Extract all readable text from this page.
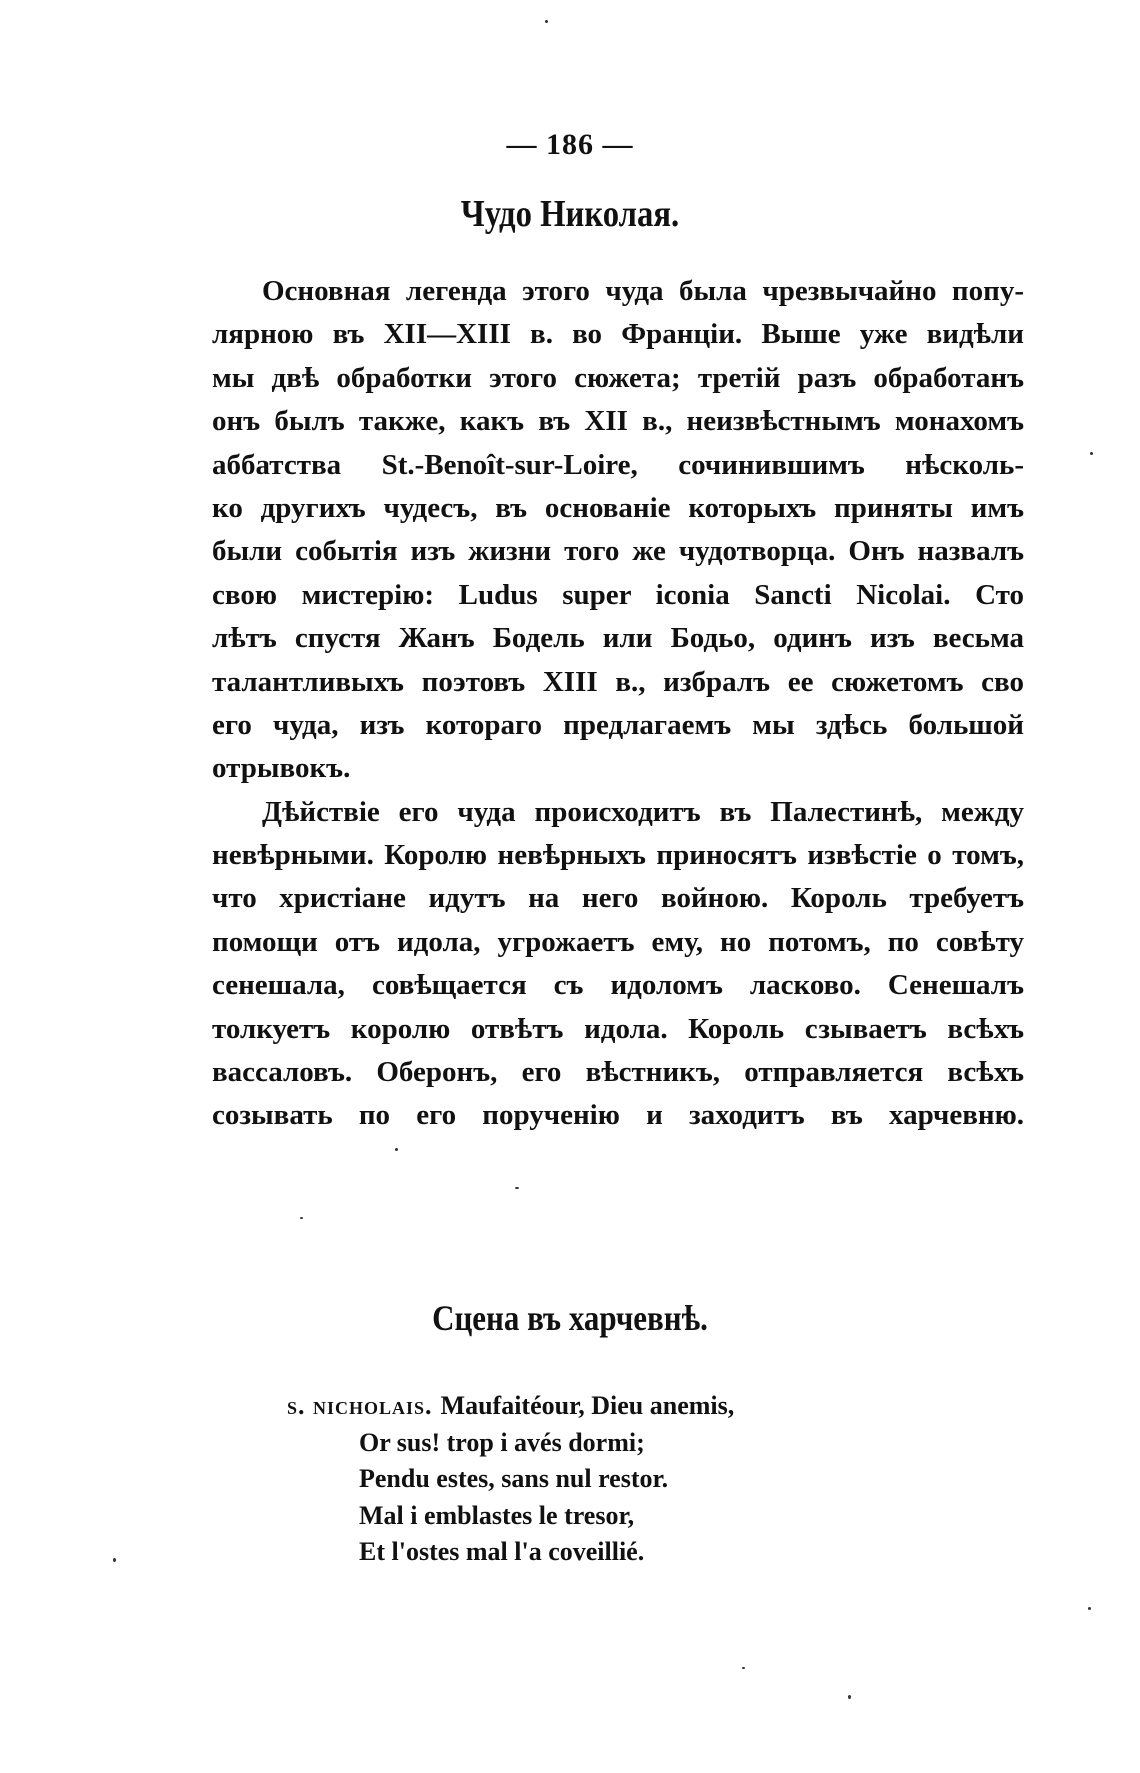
— 186 —
Чудо Николая.
Основная легенда этого чуда была чрезвычайно попу-
лярною въ XII—XIII в. во Франціи. Выше уже видѣли
мы двѣ обработки этого сюжета; третій разъ обработанъ
онъ былъ также, какъ въ XII в., неизвѣстнымъ монахомъ
аббатства St.-Benoît-sur-Loire, сочинившимъ нѣсколь-
ко другихъ чудесъ, въ основаніе которыхъ приняты имъ
были событія изъ жизни того же чудотворца. Онъ назвалъ
свою мистерію: Ludus super iconia Sancti Nicolai. Сто
лѣтъ спустя Жанъ Бодель или Бодьо, одинъ изъ весьма
талантливыхъ поэтовъ XIII в., избралъ ее сюжетомъ сво
его чуда, изъ котораго предлагаемъ мы здѣсь большой
отрывокъ.
Дѣйствіе его чуда происходитъ въ Палестинѣ, между
невѣрными. Королю невѣрныхъ приносятъ извѣстіе о томъ,
что христіане идутъ на него войною. Король требуетъ
помощи отъ идола, угрожаетъ ему, но потомъ, по совѣту
сенешала, совѣщается съ идоломъ ласково. Сенешалъ
толкуетъ королю отвѣтъ идола. Король сзываетъ всѣхъ
вассаловъ. Оберонъ, его вѣстникъ, отправляется всѣхъ
созывать по его порученію и заходитъ въ харчевню.
Сцена въ харчевнѣ.
s. nicholais. Maufaitéour, Dieu anemis,
Or sus! trop i avés dormi;
Pendu estes, sans nul restor.
Mal i emblastes le tresor,
Et l'ostes mal l'a coveillié.
